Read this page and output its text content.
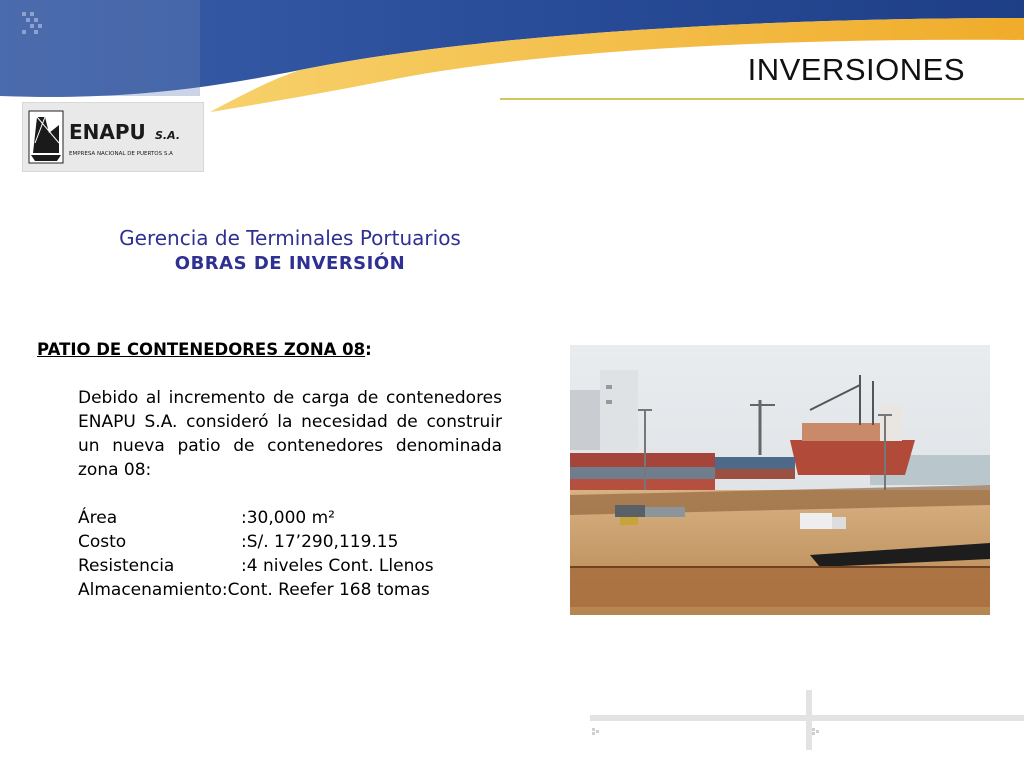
ENAPU S.A.
EMPRESA NACIONAL DE PUERTOS S.A
INVERSIONES
Gerencia de Terminales Portuarios
OBRAS DE INVERSIÓN
PATIO DE CONTENEDORES ZONA 08:
Debido al incremento de carga de contenedores ENAPU S.A. consideró la necesidad de construir un nueva patio de contenedores denominada zona 08:
Área	:30,000 m²
Costo	:S/. 17’290,119.15
Resistencia	:4 niveles Cont. Llenos
Almacenamiento :Cont. Reefer 168 tomas
